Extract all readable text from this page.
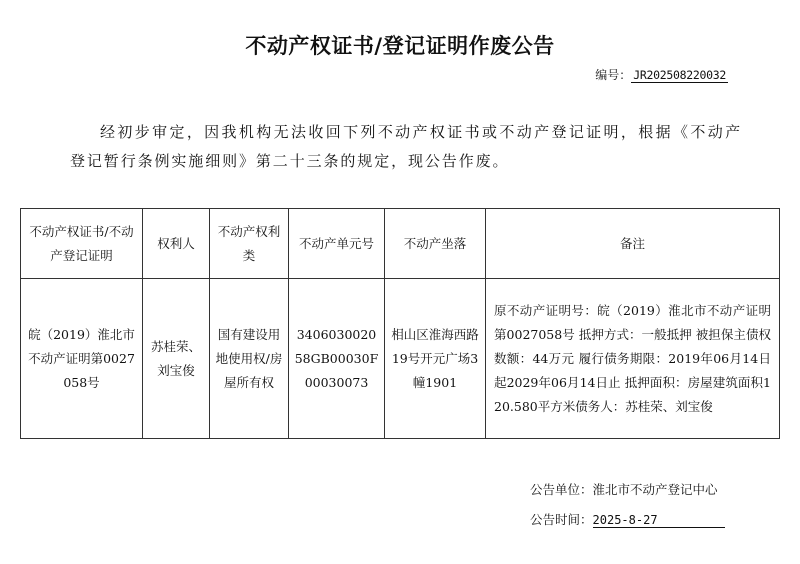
不动产权证书/登记证明作废公告
编号： JR202508220032
经初步审定，因我机构无法收回下列不动产权证书或不动产登记证明，根据《不动产登记暂行条例实施细则》第二十三条的规定，现公告作废。
不动产权证书/不动产登记证明	权利人	不动产权利类	不动产单元号	不动产坐落	备注
皖（2019）淮北市不动产证明第0027058号	苏桂荣、刘宝俊	国有建设用地使用权/房屋所有权	340603002058GB00030F00030073	相山区淮海西路19号开元广场3幢1901	原不动产证明号：皖（2019）淮北市不动产证明第0027058号 抵押方式：一般抵押 被担保主债权数额：44万元 履行债务期限：2019年06月14日起2029年06月14日止 抵押面积：房屋建筑面积120.580平方米债务人：苏桂荣、刘宝俊
公告单位：淮北市不动产登记中心
公告时间：2025-8-27
